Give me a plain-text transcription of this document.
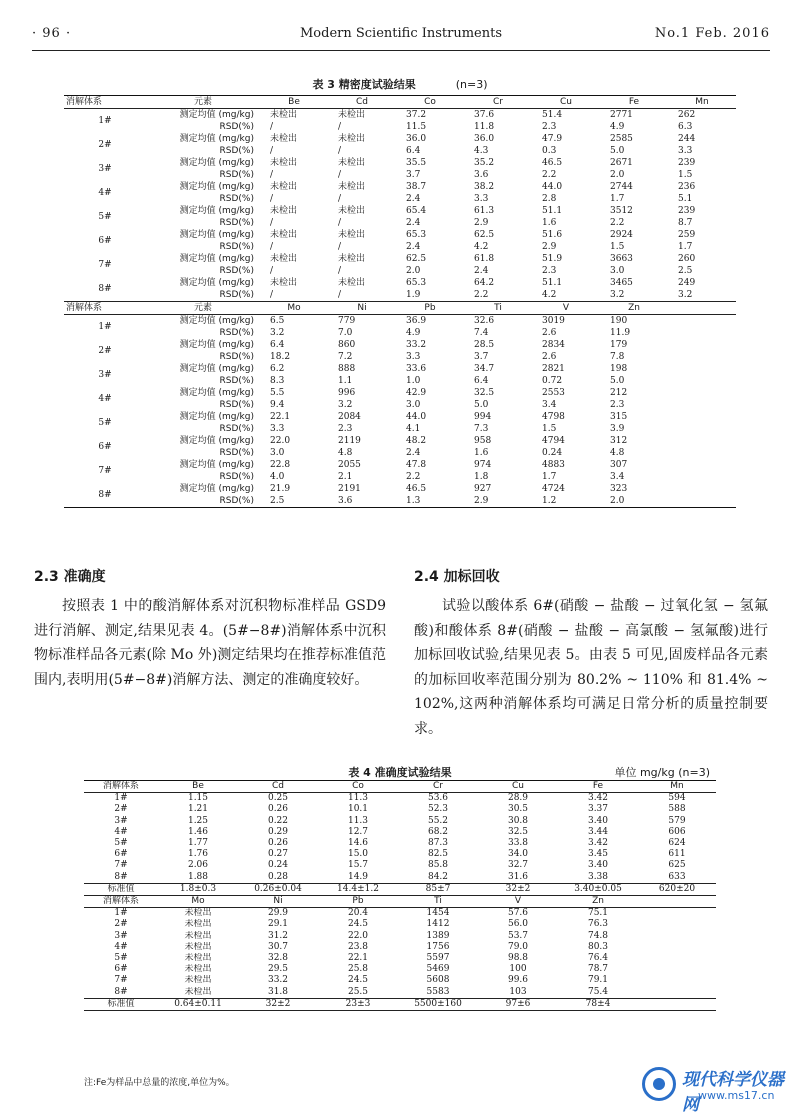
· 96 ·	Modern Scientific Instruments	No.1 Feb. 2016
表 3 精密度试验结果	(n=3)
消解体系	元素	Be	Cd	Co	Cr	Cu	Fe	Mn
1#	测定均值 (mg/kg)	未检出	未检出	37.2	37.6	51.4	2771	262
	RSD(%)	/	/	11.5	11.8	2.3	4.9	6.3
2#	测定均值 (mg/kg)	未检出	未检出	36.0	36.0	47.9	2585	244
	RSD(%)	/	/	6.4	4.3	0.3	5.0	3.3
3#	测定均值 (mg/kg)	未检出	未检出	35.5	35.2	46.5	2671	239
	RSD(%)	/	/	3.7	3.6	2.2	2.0	1.5
4#	测定均值 (mg/kg)	未检出	未检出	38.7	38.2	44.0	2744	236
	RSD(%)	/	/	2.4	3.3	2.8	1.7	5.1
5#	测定均值 (mg/kg)	未检出	未检出	65.4	61.3	51.1	3512	239
	RSD(%)	/	/	2.4	2.9	1.6	2.2	8.7
6#	测定均值 (mg/kg)	未检出	未检出	65.3	62.5	51.6	2924	259
	RSD(%)	/	/	2.4	4.2	2.9	1.5	1.7
7#	测定均值 (mg/kg)	未检出	未检出	62.5	61.8	51.9	3663	260
	RSD(%)	/	/	2.0	2.4	2.3	3.0	2.5
8#	测定均值 (mg/kg)	未检出	未检出	65.3	64.2	51.1	3465	249
	RSD(%)	/	/	1.9	2.2	4.2	3.2	3.2
消解体系	元素	Mo	Ni	Pb	Ti	V	Zn	
1#	测定均值 (mg/kg)	6.5	779	36.9	32.6	3019	190	
	RSD(%)	3.2	7.0	4.9	7.4	2.6	11.9	
2#	测定均值 (mg/kg)	6.4	860	33.2	28.5	2834	179	
	RSD(%)	18.2	7.2	3.3	3.7	2.6	7.8	
3#	测定均值 (mg/kg)	6.2	888	33.6	34.7	2821	198	
	RSD(%)	8.3	1.1	1.0	6.4	0.72	5.0	
4#	测定均值 (mg/kg)	5.5	996	42.9	32.5	2553	212	
	RSD(%)	9.4	3.2	3.0	5.0	3.4	2.3	
5#	测定均值 (mg/kg)	22.1	2084	44.0	994	4798	315	
	RSD(%)	3.3	2.3	4.1	7.3	1.5	3.9	
6#	测定均值 (mg/kg)	22.0	2119	48.2	958	4794	312	
	RSD(%)	3.0	4.8	2.4	1.6	0.24	4.8	
7#	测定均值 (mg/kg)	22.8	2055	47.8	974	4883	307	
	RSD(%)	4.0	2.1	2.2	1.8	1.7	3.4	
8#	测定均值 (mg/kg)	21.9	2191	46.5	927	4724	323	
	RSD(%)	2.5	3.6	1.3	2.9	1.2	2.0	
2.3 准确度
按照表 1 中的酸消解体系对沉积物标准样品 GSD9 进行消解、测定,结果见表 4。(5#−8#)消解体系中沉积物标准样品各元素(除 Mo 外)测定结果均在推荐标准值范围内,表明用(5#−8#)消解方法、测定的准确度较好。
2.4 加标回收
试验以酸体系 6#(硝酸 − 盐酸 − 过氧化氢 − 氢氟酸)和酸体系 8#(硝酸 − 盐酸 − 高氯酸 − 氢氟酸)进行加标回收试验,结果见表 5。由表 5 可见,固废样品各元素的加标回收率范围分别为 80.2% ~ 110% 和 81.4% ~ 102%,这两种消解体系均可满足日常分析的质量控制要求。
表 4 准确度试验结果	单位 mg/kg (n=3)
消解体系	Be	Cd	Co	Cr	Cu	Fe	Mn
1#	1.15	0.25	11.3	53.6	28.9	3.42	594
2#	1.21	0.26	10.1	52.3	30.5	3.37	588
3#	1.25	0.22	11.3	55.2	30.8	3.40	579
4#	1.46	0.29	12.7	68.2	32.5	3.44	606
5#	1.77	0.26	14.6	87.3	33.8	3.42	624
6#	1.76	0.27	15.0	82.5	34.0	3.45	611
7#	2.06	0.24	15.7	85.8	32.7	3.40	625
8#	1.88	0.28	14.9	84.2	31.6	3.38	633
标准值	1.8±0.3	0.26±0.04	14.4±1.2	85±7	32±2	3.40±0.05	620±20
消解体系	Mo	Ni	Pb	Ti	V	Zn	
1#	未检出	29.9	20.4	1454	57.6	75.1	
2#	未检出	29.1	24.5	1412	56.0	76.3	
3#	未检出	31.2	22.0	1389	53.7	74.8	
4#	未检出	30.7	23.8	1756	79.0	80.3	
5#	未检出	32.8	22.1	5597	98.8	76.4	
6#	未检出	29.5	25.8	5469	100	78.7	
7#	未检出	33.2	24.5	5608	99.6	79.1	
8#	未检出	31.8	25.5	5583	103	75.4	
标准值	0.64±0.11	32±2	23±3	5500±160	97±6	78±4	
注:Fe为样品中总量的浓度,单位为%。	现代科学仪器网 www.ms17.cn
